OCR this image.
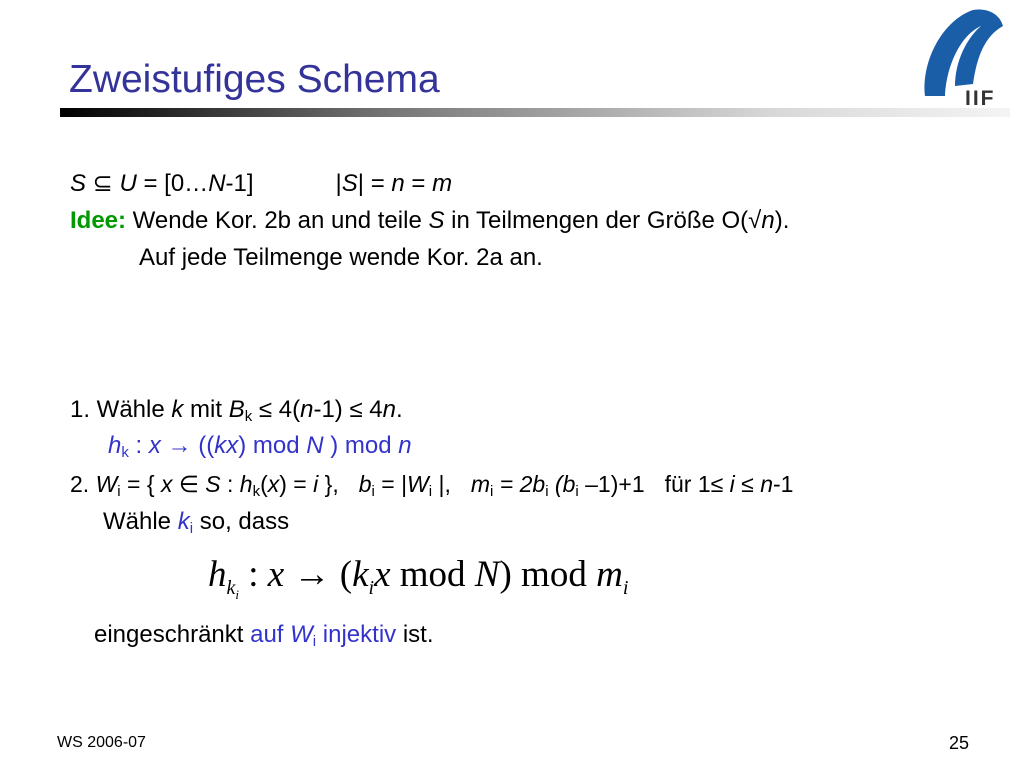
Zweistufiges Schema	IIF
S ⊆ U = [0…N-1]	|S| = n = m
Idee: Wende Kor. 2b an und teile S in Teilmengen der Größe O(√n).
Auf jede Teilmenge wende Kor. 2a an.
1. Wähle k mit $B_k \le 4(n-1) \le 4n$.
$h_k$ : x → ((kx) mod N ) mod n
2. $W_i$ = { x ∈ S : $h_k(x) = i$ }, $b_i = |W_i$ |, $m_i = 2b_i$ ($b_i$ –1)+1 für 1≤ i ≤ n-1
Wähle $k_i$ so, dass
$h_{k_i}$ : $x \to (k_ix$ mod N) mod $m_i$
eingeschränkt auf $W_i$ injektiv ist.
WS 2006-07	25
